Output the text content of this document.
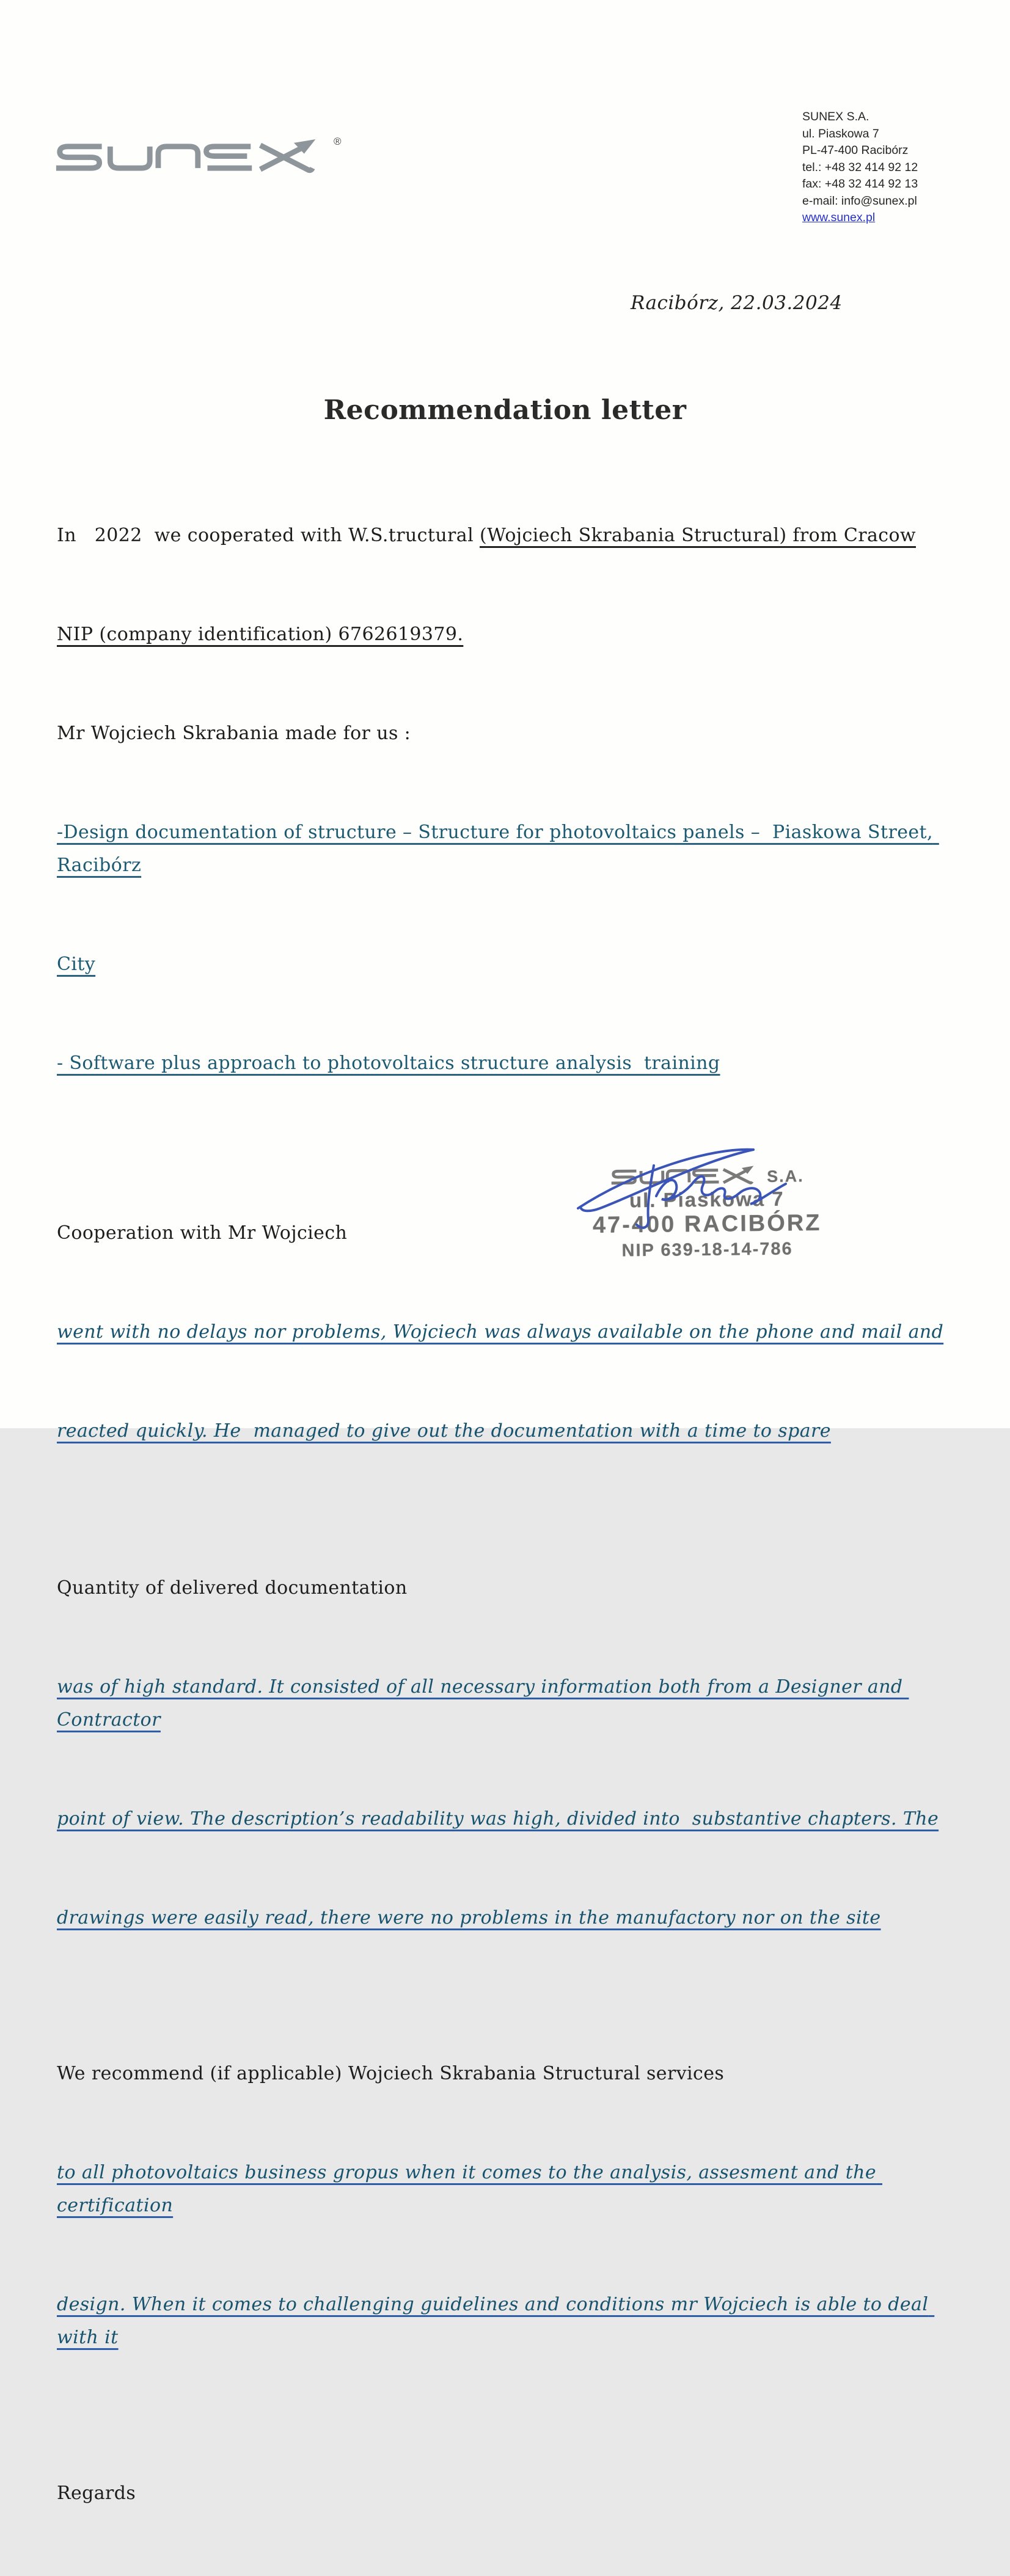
®
SUNEX S.A.
ul. Piaskowa 7
PL-47-400 Racibórz
tel.: +48 32 414 92 12
fax: +48 32 414 92 13
e-mail: info@sunex.pl
www.sunex.pl
Racibórz, 22.03.2024
Recommendation letter

In   2022  we cooperated with W.S.tructural (Wojciech Skrabania Structural) from Cracow

NIP (company identification) 6762619379.

Mr Wojciech Skrabania made for us :

-Design documentation of structure – Structure for photovoltaics panels –  Piaskowa Street, Racibórz

City

- Software plus approach to photovoltaics structure analysis  training

Cooperation with Mr Wojciech

went with no delays nor problems, Wojciech was always available on the phone and mail and

reacted quickly. He  managed to give out the documentation with a time to spare

Quantity of delivered documentation

was of high standard. It consisted of all necessary information both from a Designer and Contractor

point of view. The description’s readability was high, divided into  substantive chapters. The

drawings were easily read, there were no problems in the manufactory nor on the site

We recommend (if applicable) Wojciech Skrabania Structural services

to all photovoltaics business gropus when it comes to the analysis, assesment and the certification

design. When it comes to challenging guidelines and conditions mr Wojciech is able to deal with it

Regards

S.A.
ul. Piaskowa 7
47-400 RACIBÓRZ
NIP 639-18-14-786
